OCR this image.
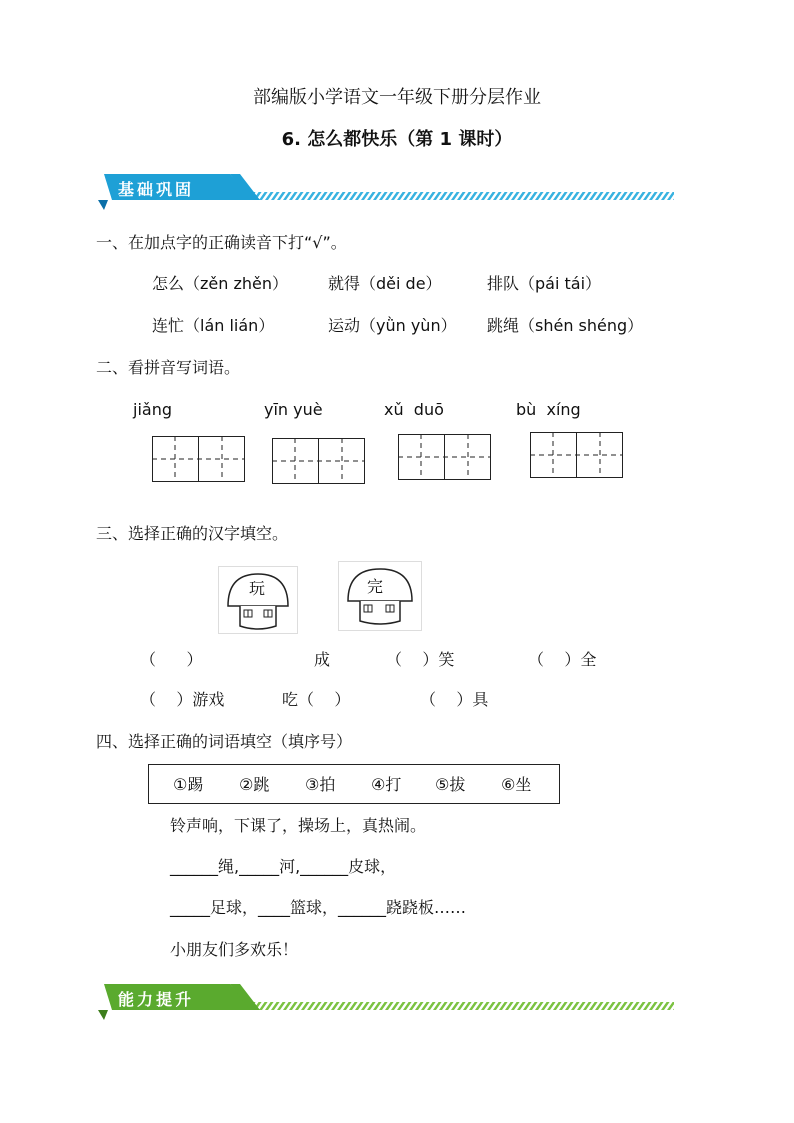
部编版小学语文一年级下册分层作业
6. 怎么都快乐（第 1 课时）
基础巩固
一、在加点字的正确读音下打“√”。
怎么（zěn zhěn）	就得（děi de）	排队（pái tái）
连忙（lán lián）	运动（yǜn yùn） 跳绳（shén shéng）
二、看拼音写词语。
jiǎng	yīn yuè	xǔ  duō	bù  xíng
三、选择正确的汉字填空。
玩	完
（      ）	成	（    ）笑	（    ）全
（    ）游戏	吃（    ）	（    ）具
四、选择正确的词语填空（填序号）
①踢 ②跳 ③拍 ④打 ⑤拔 ⑥坐
铃声响，下课了，操场上，真热闹。
______绳,_____河,______皮球，
_____足球，____篮球，______跷跷板……
小朋友们多欢乐！
能力提升
